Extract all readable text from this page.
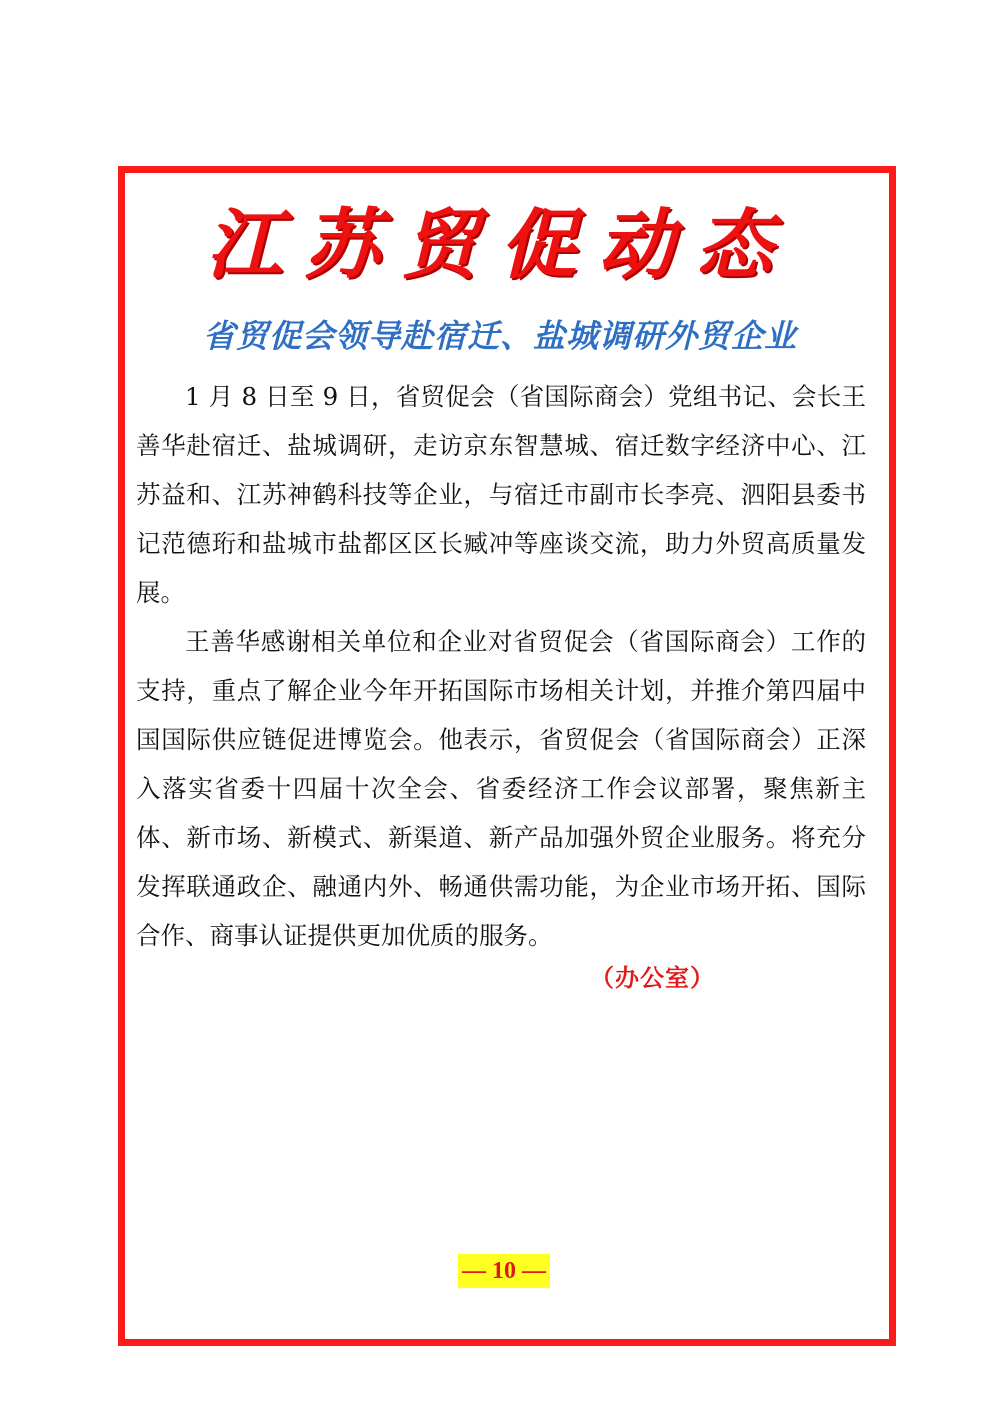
江苏贸促动态
省贸促会领导赴宿迁、盐城调研外贸企业

1 月 8 日至 9 日，省贸促会（省国际商会）党组书记、会长王善华赴宿迁、盐城调研，走访京东智慧城、宿迁数字经济中心、江苏益和、江苏神鹤科技等企业，与宿迁市副市长李亮、泗阳县委书记范德珩和盐城市盐都区区长臧冲等座谈交流，助力外贸高质量发展。

王善华感谢相关单位和企业对省贸促会（省国际商会）工作的支持，重点了解企业今年开拓国际市场相关计划，并推介第四届中国国际供应链促进博览会。他表示，省贸促会（省国际商会）正深入落实省委十四届十次全会、省委经济工作会议部署，聚焦新主体、新市场、新模式、新渠道、新产品加强外贸企业服务。将充分发挥联通政企、融通内外、畅通供需功能，为企业市场开拓、国际合作、商事认证提供更加优质的服务。

（办公室）
— 10 —
